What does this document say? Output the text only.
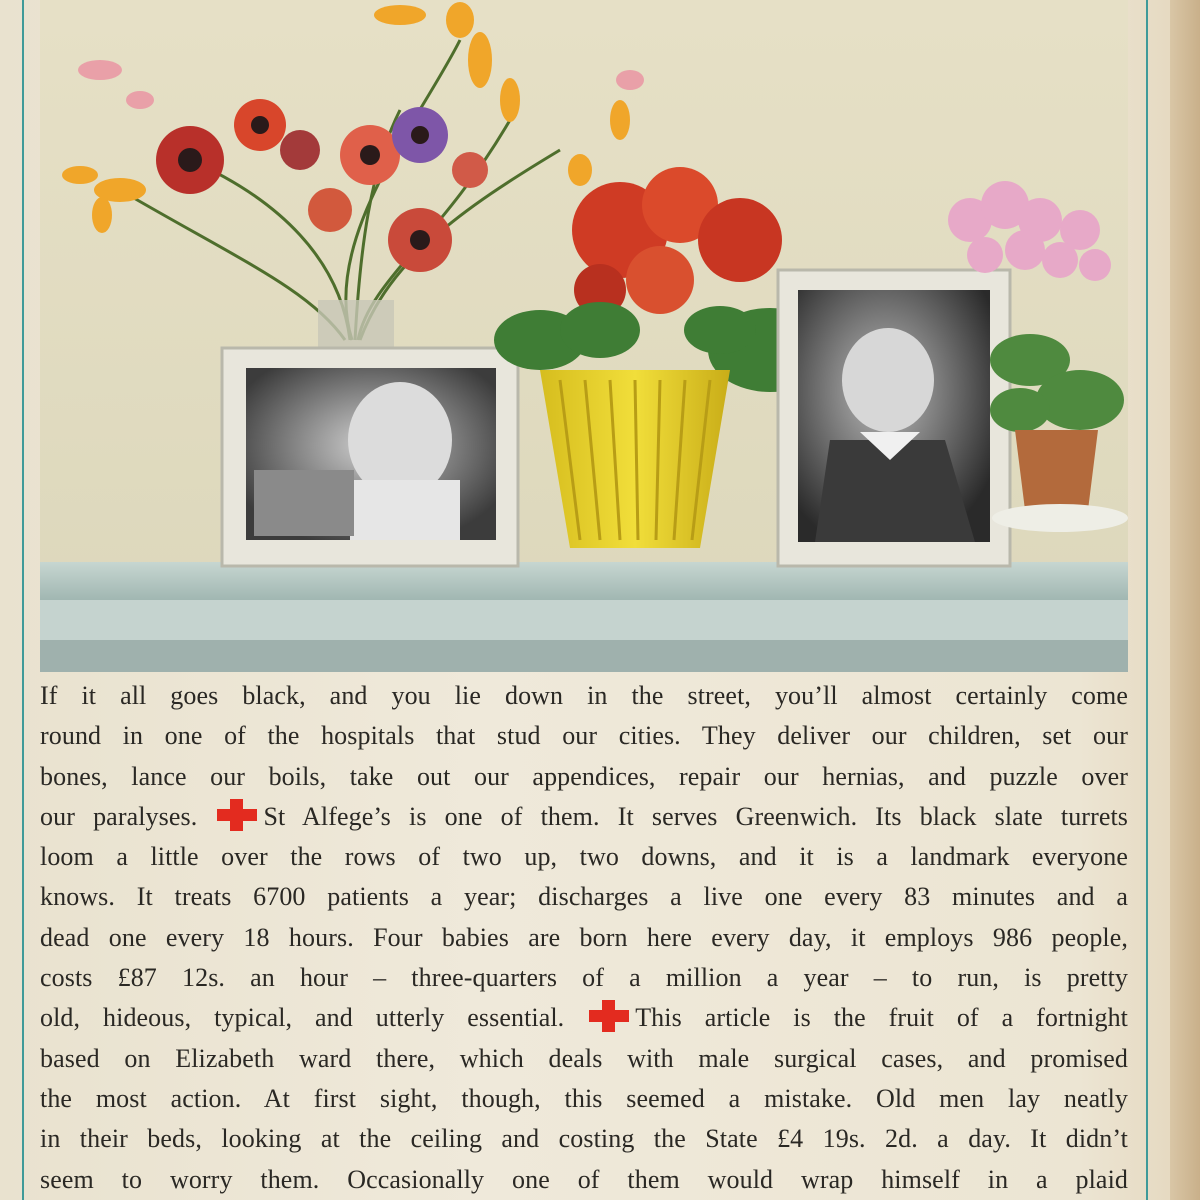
If it all goes black, and you lie down in the street, you’ll almost certainly come
round in one of the hospitals that stud our cities. They deliver our children, set our
bones, lance our boils, take out our appendices, repair our hernias, and puzzle over
our paralyses.	St Alfege’s is one of them. It serves Greenwich. Its black slate turrets
loom a little over the rows of two up, two downs, and it is a landmark everyone
knows. It treats 6700 patients a year; discharges a live one every 83 minutes and a
dead one every 18 hours. Four babies are born here every day, it employs 986 people,
costs £87 12s. an hour – three-quarters of a million a year – to run, is pretty
old, hideous, typical, and utterly essential.	This article is the fruit of a fortnight
based on Elizabeth ward there, which deals with male surgical cases, and promised
the most action. At first sight, though, this seemed a mistake. Old men lay neatly
in their beds, looking at the ceiling and costing the State £4 19s. 2d. a day. It didn’t
seem to worry them. Occasionally one of them would wrap himself in a plaid
